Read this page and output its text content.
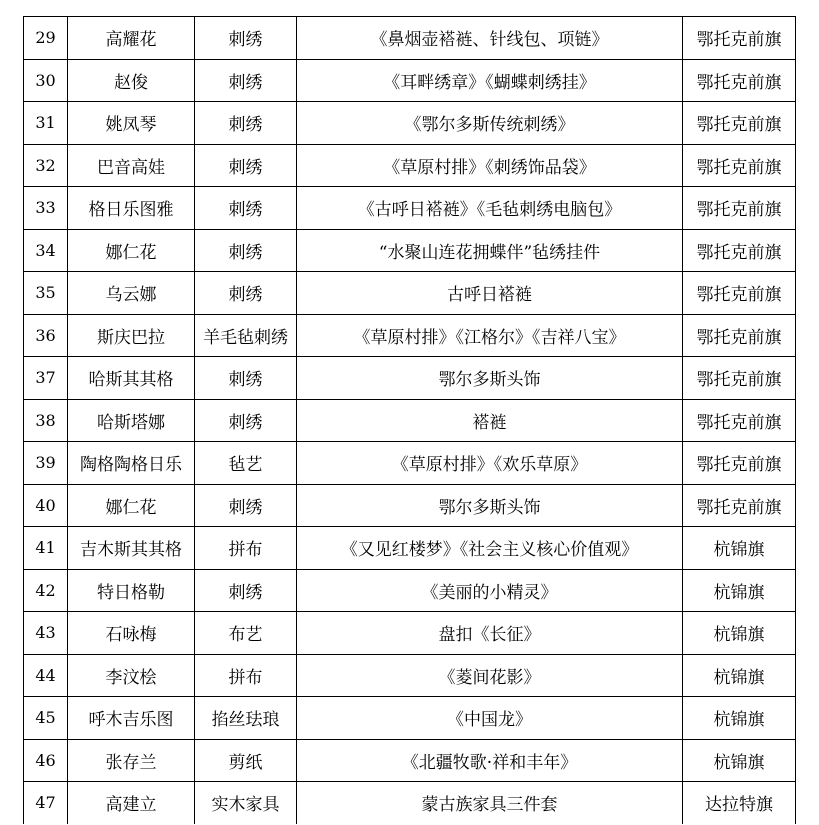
29	高耀花	刺绣	《鼻烟壶褡裢、针线包、项链》	鄂托克前旗
30	赵俊	刺绣	《耳畔绣章》《蝴蝶刺绣挂》	鄂托克前旗
31	姚凤琴	刺绣	《鄂尔多斯传统刺绣》	鄂托克前旗
32	巴音高娃	刺绣	《草原村排》《刺绣饰品袋》	鄂托克前旗
33	格日乐图雅	刺绣	《古呼日褡裢》《毛毡刺绣电脑包》	鄂托克前旗
34	娜仁花	刺绣	“水聚山连花拥蝶伴”毡绣挂件	鄂托克前旗
35	乌云娜	刺绣	古呼日褡裢	鄂托克前旗
36	斯庆巴拉	羊毛毡刺绣	《草原村排》《江格尔》《吉祥八宝》	鄂托克前旗
37	哈斯其其格	刺绣	鄂尔多斯头饰	鄂托克前旗
38	哈斯塔娜	刺绣	褡裢	鄂托克前旗
39	陶格陶格日乐	毡艺	《草原村排》《欢乐草原》	鄂托克前旗
40	娜仁花	刺绣	鄂尔多斯头饰	鄂托克前旗
41	吉木斯其其格	拼布	《又见红楼梦》《社会主义核心价值观》	杭锦旗
42	特日格勒	刺绣	《美丽的小精灵》	杭锦旗
43	石咏梅	布艺	盘扣《长征》	杭锦旗
44	李汶桧	拼布	《菱间花影》	杭锦旗
45	呼木吉乐图	掐丝珐琅	《中国龙》	杭锦旗
46	张存兰	剪纸	《北疆牧歌·祥和丰年》	杭锦旗
47	高建立	实木家具	蒙古族家具三件套	达拉特旗
